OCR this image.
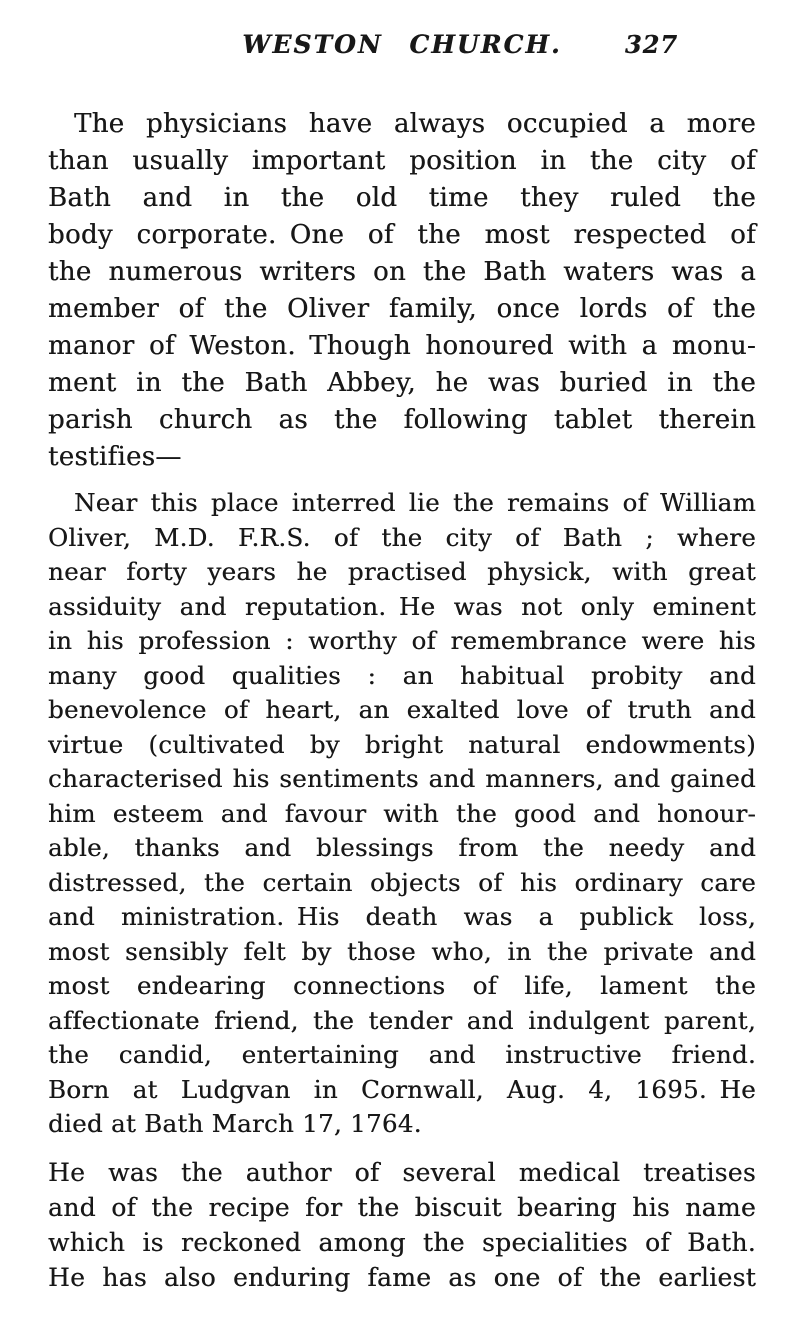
WESTON CHURCH.	327
The physicians have always occupied a more
than usually important position in the city of
Bath and in the old time they ruled the
body corporate. One of the most respected of
the numerous writers on the Bath waters was a
member of the Oliver family, once lords of the
manor of Weston. Though honoured with a monu-
ment in the Bath Abbey, he was buried in the
parish church as the following tablet therein
testifies—
Near this place interred lie the remains of William
Oliver, M.D. F.R.S. of the city of Bath ; where
near forty years he practised physick, with great
assiduity and reputation. He was not only eminent
in his profession : worthy of remembrance were his
many good qualities : an habitual probity and
benevolence of heart, an exalted love of truth and
virtue (cultivated by bright natural endowments)
characterised his sentiments and manners, and gained
him esteem and favour with the good and honour-
able, thanks and blessings from the needy and
distressed, the certain objects of his ordinary care
and ministration. His death was a publick loss,
most sensibly felt by those who, in the private and
most endearing connections of life, lament the
affectionate friend, the tender and indulgent parent,
the candid, entertaining and instructive friend.
Born at Ludgvan in Cornwall, Aug. 4, 1695. He
died at Bath March 17, 1764.
He was the author of several medical treatises
and of the recipe for the biscuit bearing his name
which is reckoned among the specialities of Bath.
He has also enduring fame as one of the earliest
